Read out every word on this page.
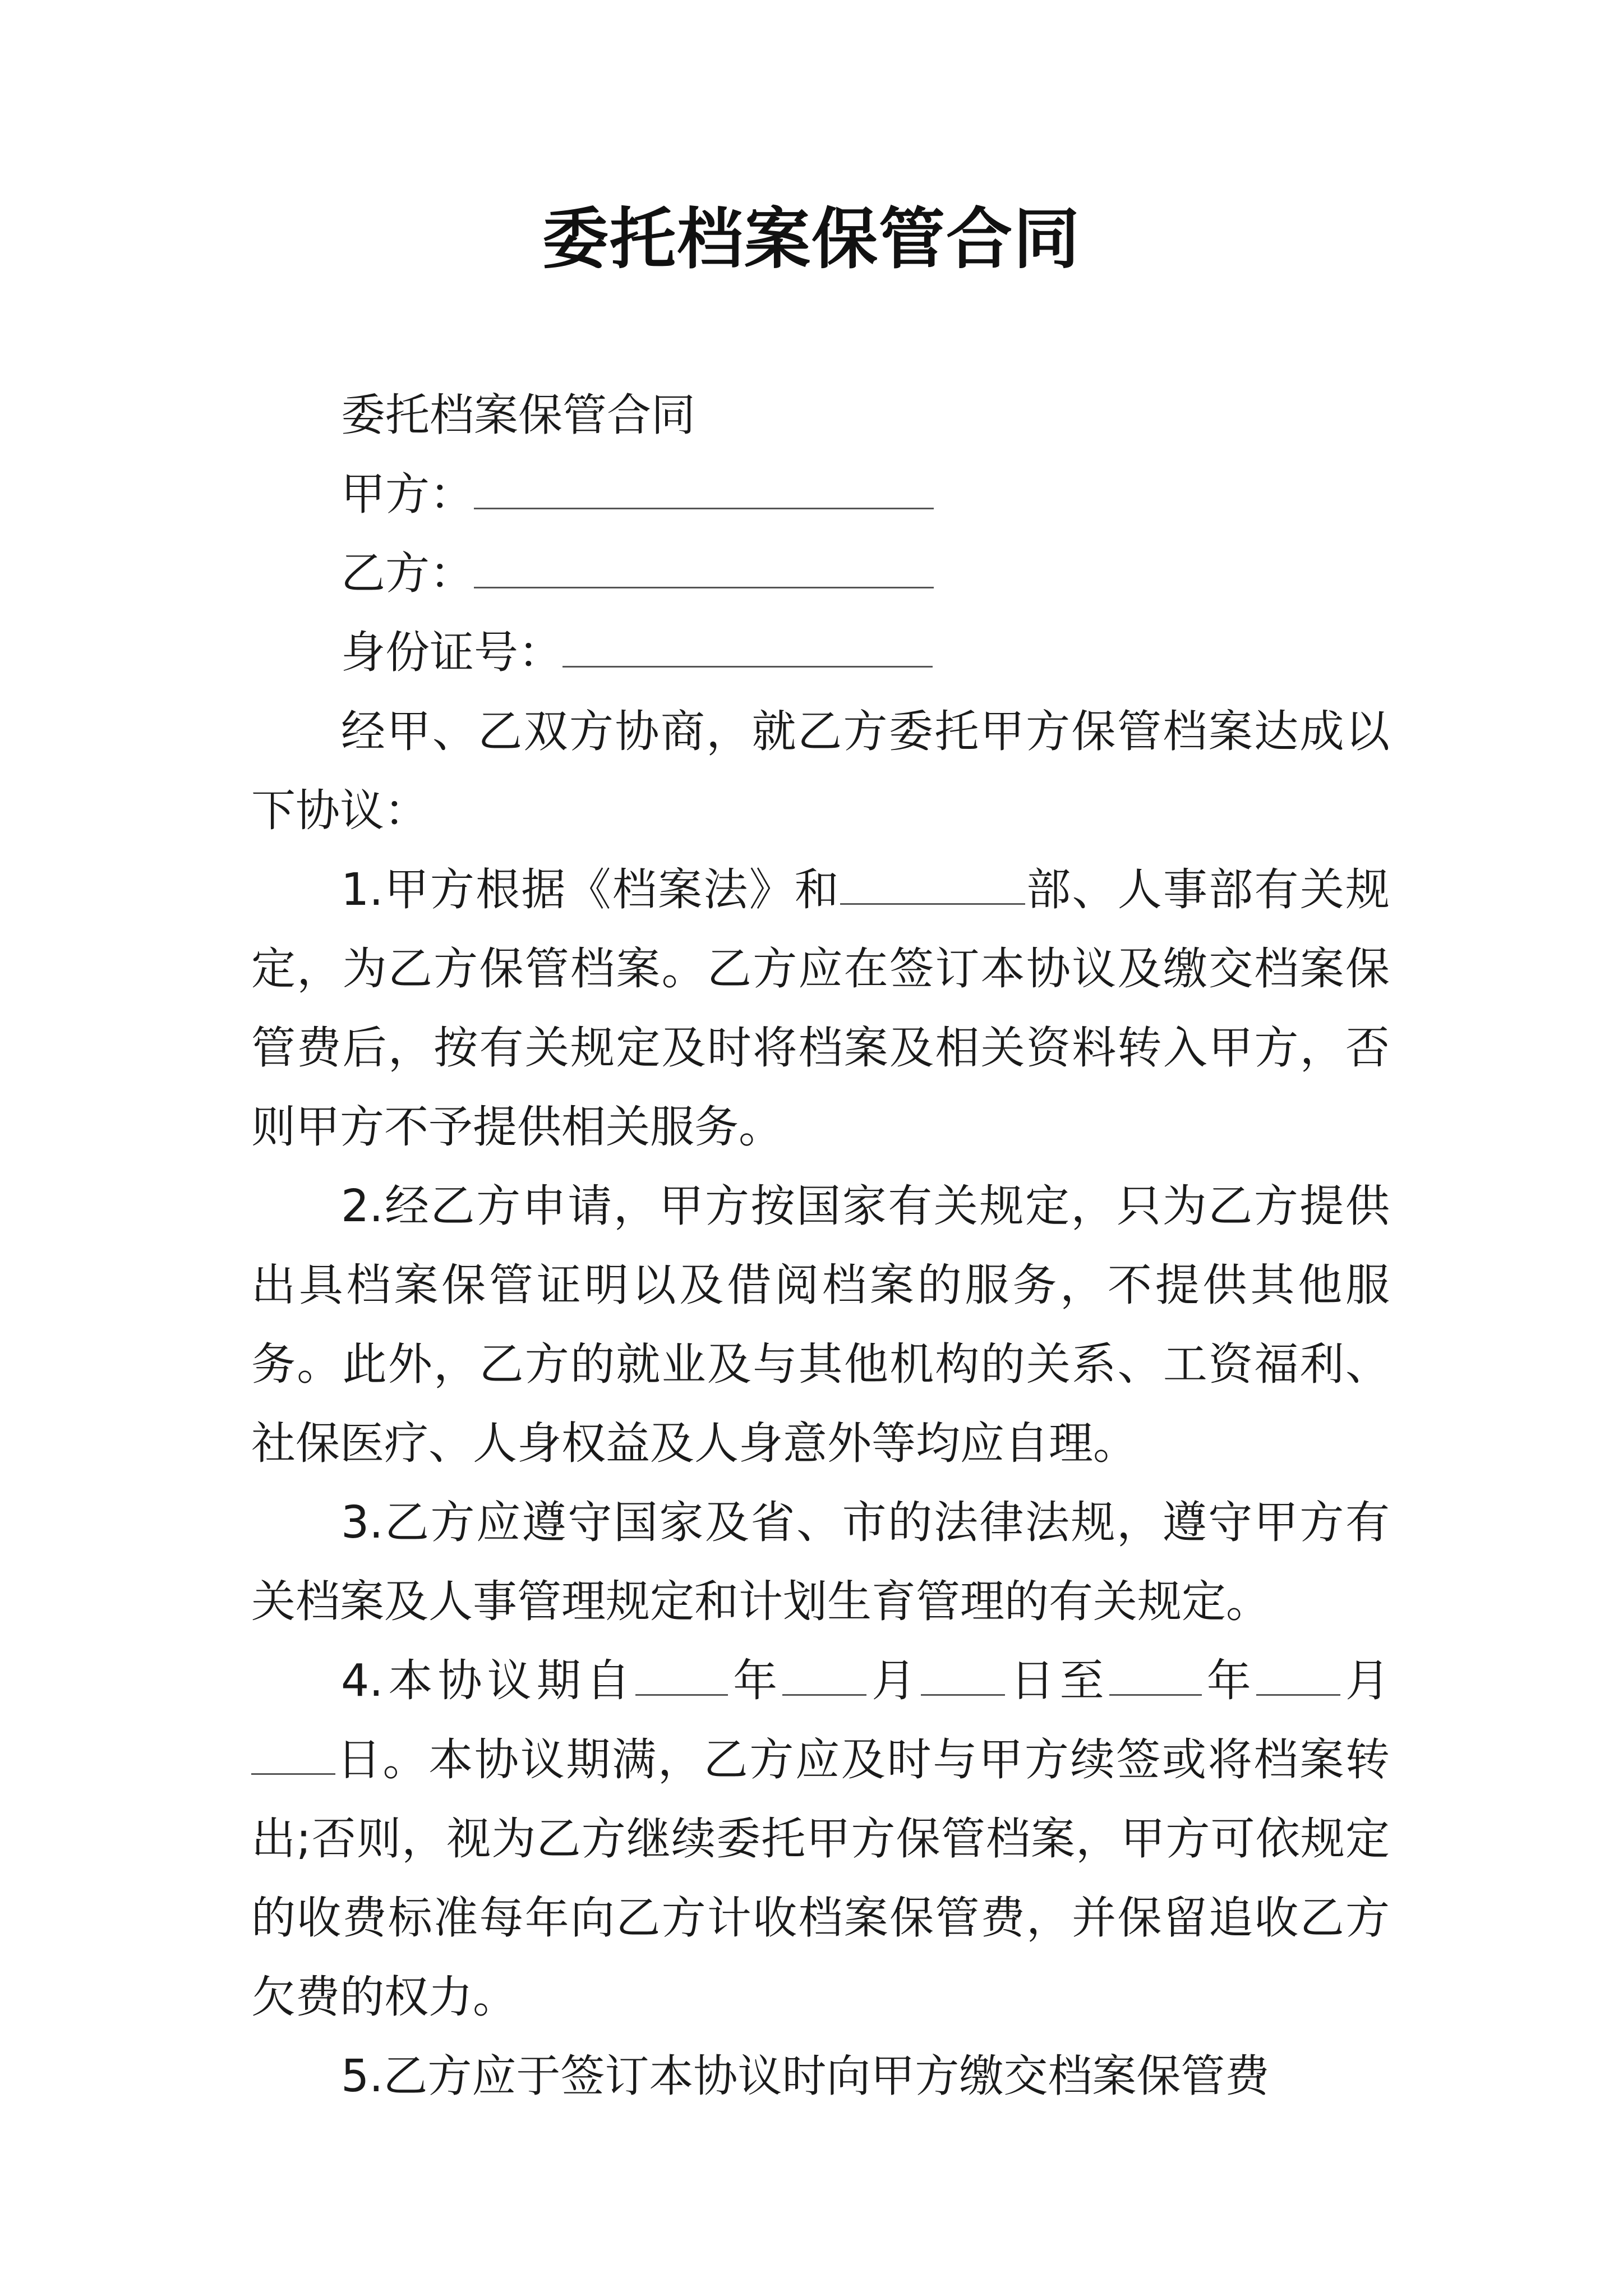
委托档案保管合同

委托档案保管合同

甲方：

乙方：

身份证号：

经甲、乙双方协商，就乙方委托甲方保管档案达成以下协议：

1.甲方根据《档案法》和	部、人事部有关规定，为乙方保管档案。乙方应在签订本协议及缴交档案保管费后，按有关规定及时将档案及相关资料转入甲方，否则甲方不予提供相关服务。

2.经乙方申请，甲方按国家有关规定，只为乙方提供出具档案保管证明以及借阅档案的服务，不提供其他服务。此外，乙方的就业及与其他机构的关系、工资福利、社保医疗、人身权益及人身意外等均应自理。

3.乙方应遵守国家及省、市的法律法规，遵守甲方有关档案及人事管理规定和计划生育管理的有关规定。

4.本协议期自 年 月 日至 年 月日。本协议期满，乙方应及时与甲方续签或将档案转出;否则，视为乙方继续委托甲方保管档案，甲方可依规定的收费标准每年向乙方计收档案保管费，并保留追收乙方欠费的权力。

5.乙方应于签订本协议时向甲方缴交档案保管费
